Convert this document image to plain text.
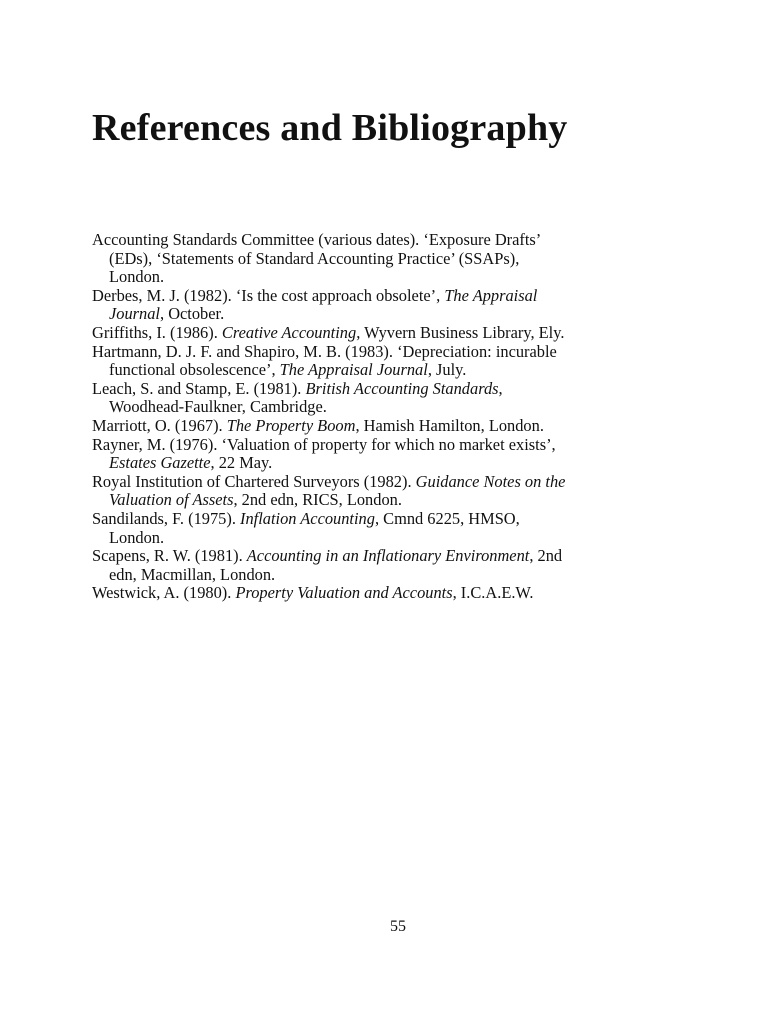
References and Bibliography
Accounting Standards Committee (various dates). ‘Exposure Drafts’
(EDs), ‘Statements of Standard Accounting Practice’ (SSAPs),
London.
Derbes, M. J. (1982). ‘Is the cost approach obsolete’, The Appraisal
Journal, October.
Griffiths, I. (1986). Creative Accounting, Wyvern Business Library, Ely.
Hartmann, D. J. F. and Shapiro, M. B. (1983). ‘Depreciation: incurable
functional obsolescence’, The Appraisal Journal, July.
Leach, S. and Stamp, E. (1981). British Accounting Standards,
Woodhead-Faulkner, Cambridge.
Marriott, O. (1967). The Property Boom, Hamish Hamilton, London.
Rayner, M. (1976). ‘Valuation of property for which no market exists’,
Estates Gazette, 22 May.
Royal Institution of Chartered Surveyors (1982). Guidance Notes on the
Valuation of Assets, 2nd edn, RICS, London.
Sandilands, F. (1975). Inflation Accounting, Cmnd 6225, HMSO,
London.
Scapens, R. W. (1981). Accounting in an Inflationary Environment, 2nd
edn, Macmillan, London.
Westwick, A. (1980). Property Valuation and Accounts, I.C.A.E.W.
55
